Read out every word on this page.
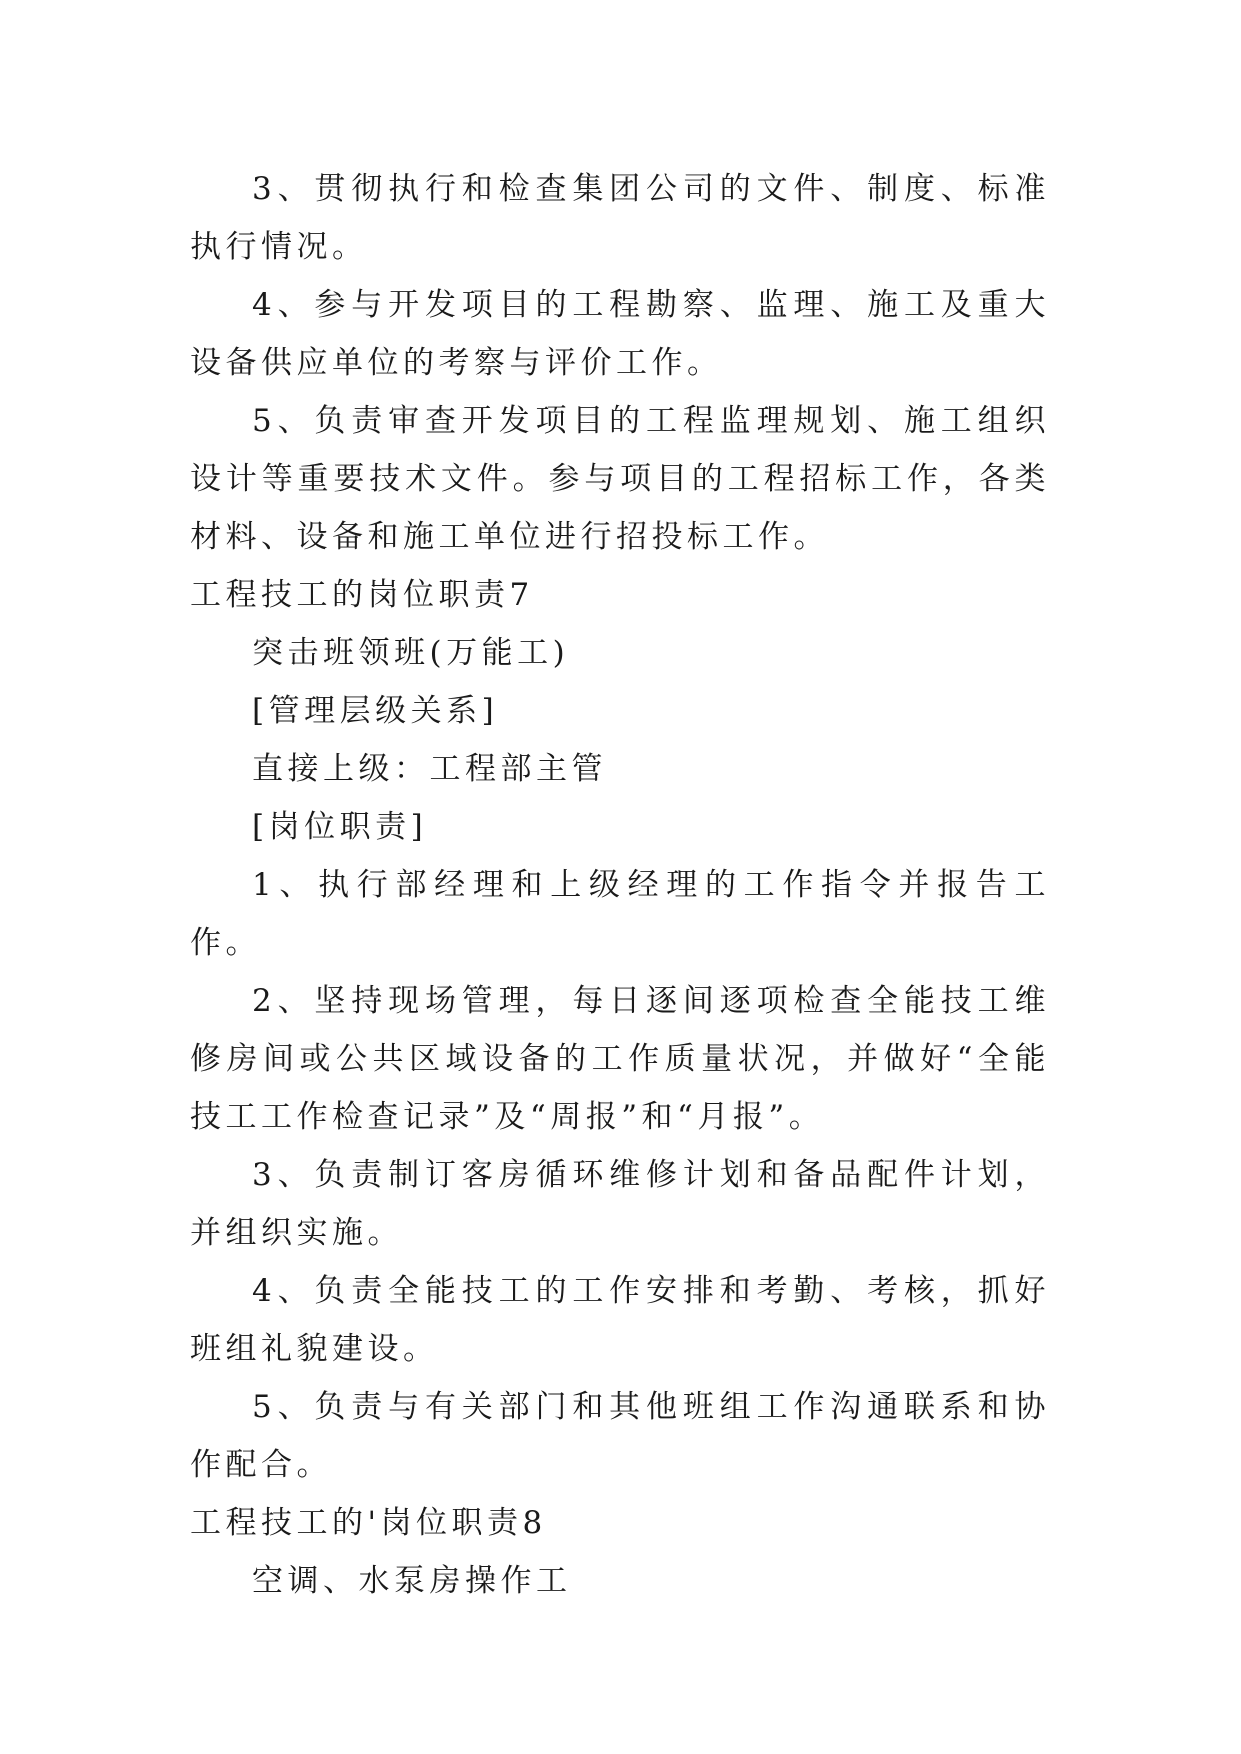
3、贯彻执行和检查集团公司的文件、制度、标准执行情况。

4、参与开发项目的工程勘察、监理、施工及重大设备供应单位的考察与评价工作。

5、负责审查开发项目的工程监理规划、施工组织设计等重要技术文件。参与项目的工程招标工作，各类材料、设备和施工单位进行招投标工作。

工程技工的岗位职责7

突击班领班(万能工)

[管理层级关系]

直接上级：工程部主管

[岗位职责]

1、执行部经理和上级经理的工作指令并报告工作。

2、坚持现场管理，每日逐间逐项检查全能技工维修房间或公共区域设备的工作质量状况，并做好“全能技工工作检查记录”及“周报”和“月报”。

3、负责制订客房循环维修计划和备品配件计划，并组织实施。

4、负责全能技工的工作安排和考勤、考核，抓好班组礼貌建设。

5、负责与有关部门和其他班组工作沟通联系和协作配合。

工程技工的'岗位职责8

空调、水泵房操作工
